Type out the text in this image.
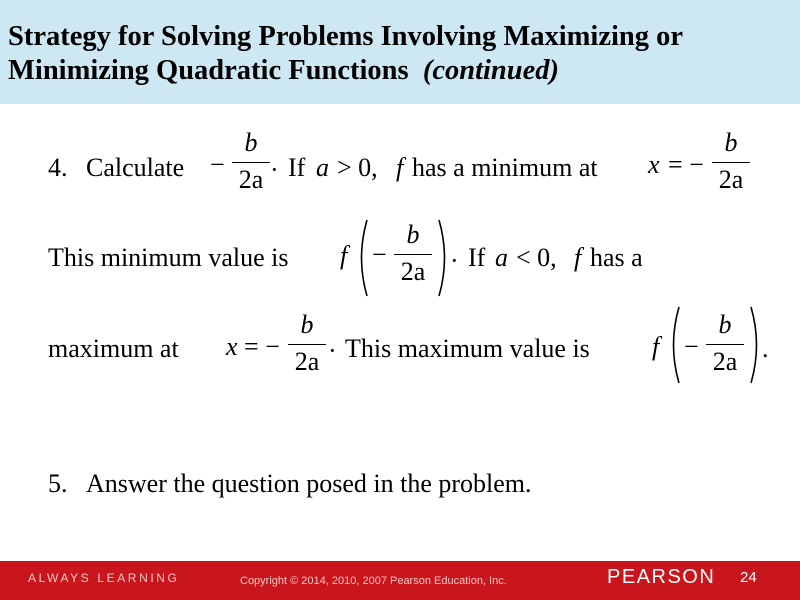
Strategy for Solving Problems Involving Maximizing or
Minimizing Quadratic Functions (continued)
4. Calculate −
b
2a · If a > 0, f has a minimum at x = −
b
2a
This minimum value is f −
b
2a · If a < 0, f has a
maximum at x = −
b
2a · This maximum value is f −
b
2a .
5. Answer the question posed in the problem.
ALWAYS LEARNING	Copyright © 2014, 2010, 2007 Pearson Education, Inc.	PEARSON 24
